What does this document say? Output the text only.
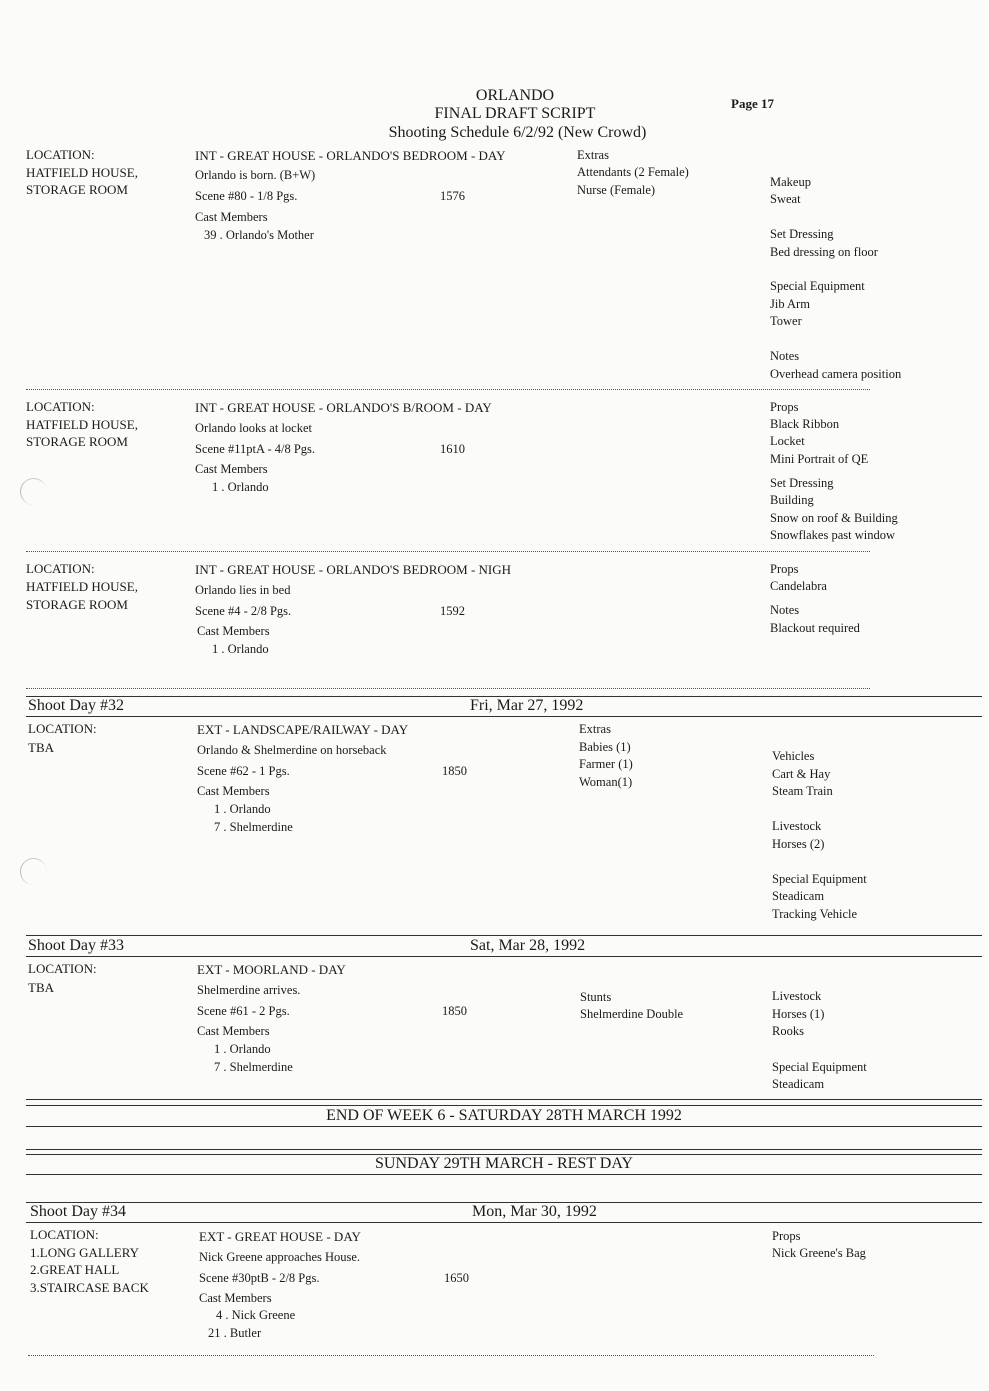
ORLANDO
FINAL DRAFT SCRIPT
Shooting Schedule 6/2/92 (New Crowd)
Page 17
LOCATION:
HATFIELD HOUSE,
STORAGE ROOM
INT - GREAT HOUSE - ORLANDO'S BEDROOM - DAY
Orlando is born. (B+W)
Scene #80 - 1/8 Pgs.	1576
Cast Members
39 . Orlando's Mother
Extras
Attendants (2 Female)
Nurse (Female)
Makeup
Sweat
Set Dressing
Bed dressing on floor
Special Equipment
Jib Arm
Tower
Notes
Overhead camera position
LOCATION:
HATFIELD HOUSE,
STORAGE ROOM
INT - GREAT HOUSE - ORLANDO'S B/ROOM - DAY
Orlando looks at locket
Scene #11ptA - 4/8 Pgs.	1610
Cast Members
1 . Orlando
Props
Black Ribbon
Locket
Mini Portrait of QE
Set Dressing
Building
Snow on roof & Building
Snowflakes past window
LOCATION:
HATFIELD HOUSE,
STORAGE ROOM
INT - GREAT HOUSE - ORLANDO'S BEDROOM - NIGH
Orlando lies in bed
Scene #4 - 2/8 Pgs.	1592
Cast Members
1 . Orlando
Props
Candelabra
Notes
Blackout required
Shoot Day #32	Fri, Mar 27, 1992
LOCATION:
TBA
EXT - LANDSCAPE/RAILWAY - DAY
Orlando & Shelmerdine on horseback
Scene #62 - 1 Pgs.	1850
Cast Members
1 . Orlando
7 . Shelmerdine
Extras
Babies (1)
Farmer (1)
Woman(1)
Vehicles
Cart & Hay
Steam Train
Livestock
Horses (2)
Special Equipment
Steadicam
Tracking Vehicle
Shoot Day #33	Sat, Mar 28, 1992
LOCATION:
TBA
EXT - MOORLAND - DAY
Shelmerdine arrives.
Scene #61 - 2 Pgs.	1850
Cast Members
1 . Orlando
7 . Shelmerdine
Stunts
Shelmerdine Double
Livestock
Horses (1)
Rooks
Special Equipment
Steadicam
END OF WEEK 6 - SATURDAY 28TH MARCH 1992
SUNDAY 29TH MARCH - REST DAY
Shoot Day #34	Mon, Mar 30, 1992
LOCATION:
1.LONG GALLERY
2.GREAT HALL
3.STAIRCASE BACK
EXT - GREAT HOUSE - DAY
Nick Greene approaches House.
Scene #30ptB - 2/8 Pgs.	1650
Cast Members
4 . Nick Greene
21 . Butler
Props
Nick Greene's Bag
